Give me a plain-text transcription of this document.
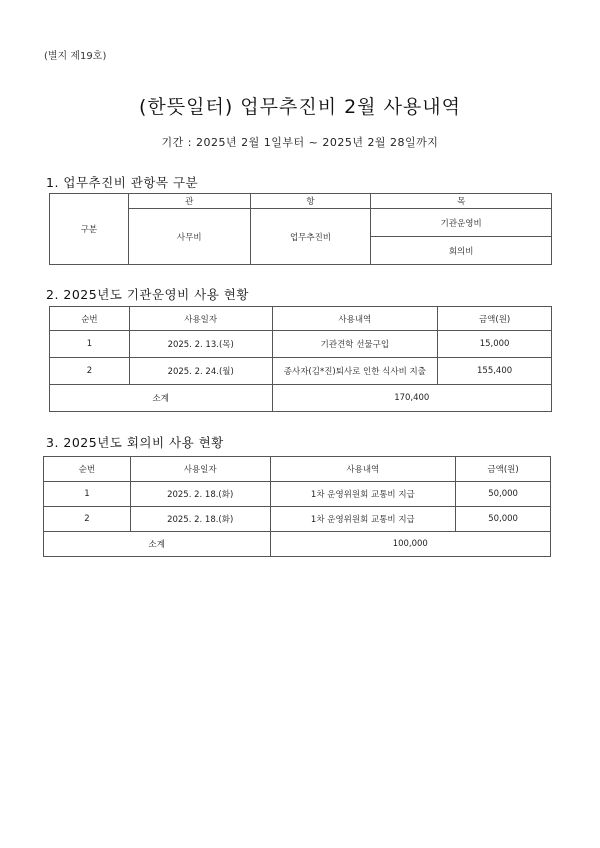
(별지 제19호)
(한뜻일터) 업무추진비 2월 사용내역
기간 : 2025년 2월 1일부터 ~ 2025년 2월 28일까지
1. 업무추진비 관항목 구분
구분	관	항	목
	사무비	업무추진비	기관운영비
			회의비
2. 2025년도 기관운영비 사용 현황
순번	사용일자	사용내역	금액(원)
1	2025. 2. 13.(목)	기관견학 선물구입	15,000
2	2025. 2. 24.(월)	종사자(김*진)퇴사로 인한 식사비 지출	155,400
소계		170,400	
3. 2025년도 회의비 사용 현황
순번	사용일자	사용내역	금액(원)
1	2025. 2. 18.(화)	1차 운영위원회 교통비 지급	50,000
2	2025. 2. 18.(화)	1차 운영위원회 교통비 지급	50,000
소계		100,000	
